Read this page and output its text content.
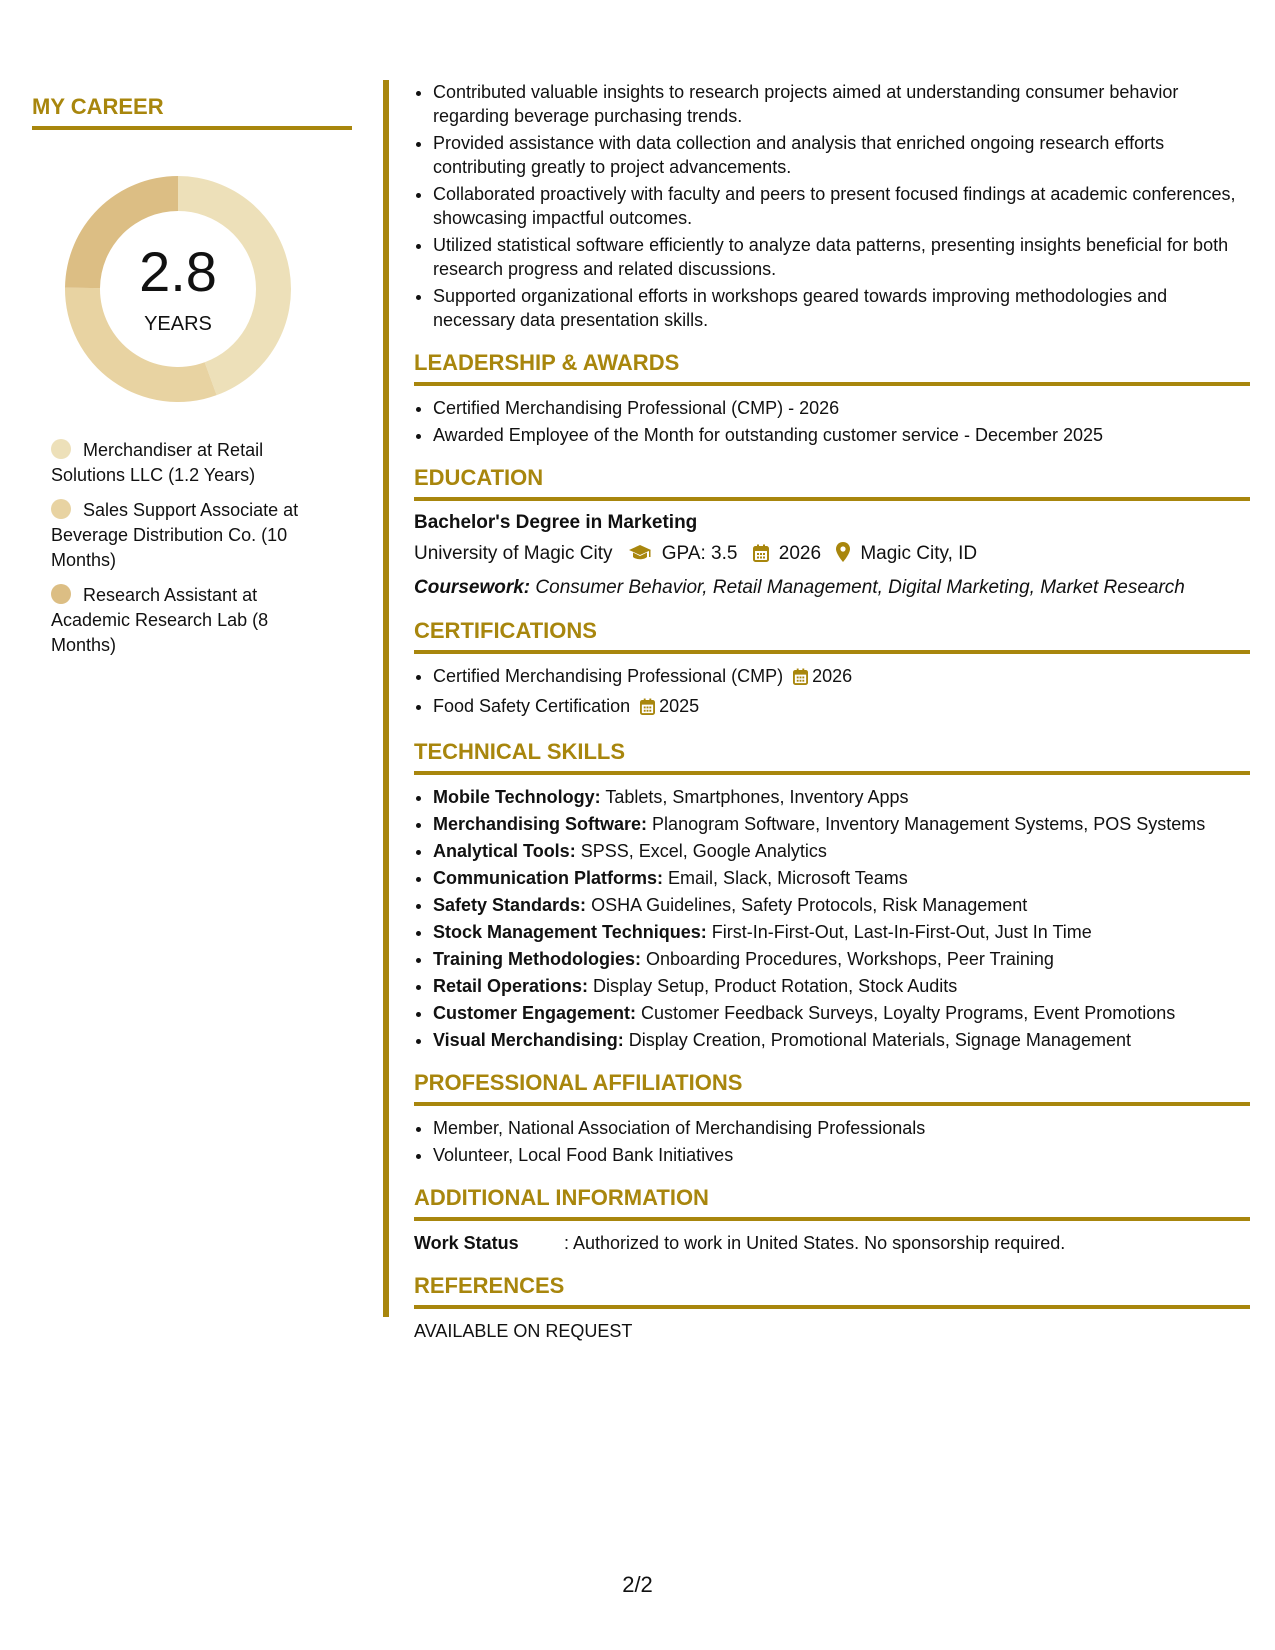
MY CAREER
2.8
YEARS
Merchandiser at Retail Solutions LLC (1.2 Years)
Sales Support Associate at Beverage Distribution Co. (10 Months)
Research Assistant at Academic Research Lab (8 Months)
• Contributed valuable insights to research projects aimed at understanding consumer behavior regarding beverage purchasing trends.
• Provided assistance with data collection and analysis that enriched ongoing research efforts contributing greatly to project advancements.
• Collaborated proactively with faculty and peers to present focused findings at academic conferences, showcasing impactful outcomes.
• Utilized statistical software efficiently to analyze data patterns, presenting insights beneficial for both research progress and related discussions.
• Supported organizational efforts in workshops geared towards improving methodologies and necessary data presentation skills.
LEADERSHIP & AWARDS
• Certified Merchandising Professional (CMP) - 2026
• Awarded Employee of the Month for outstanding customer service - December 2025
EDUCATION
Bachelor's Degree in Marketing
University of Magic City	GPA: 3.5 2026 Magic City, ID
Coursework: Consumer Behavior, Retail Management, Digital Marketing, Market Research
CERTIFICATIONS
• Certified Merchandising Professional (CMP) 2026
• Food Safety Certification 2025
TECHNICAL SKILLS
• Mobile Technology: Tablets, Smartphones, Inventory Apps
• Merchandising Software: Planogram Software, Inventory Management Systems, POS Systems
• Analytical Tools: SPSS, Excel, Google Analytics
• Communication Platforms: Email, Slack, Microsoft Teams
• Safety Standards: OSHA Guidelines, Safety Protocols, Risk Management
• Stock Management Techniques: First-In-First-Out, Last-In-First-Out, Just In Time
• Training Methodologies: Onboarding Procedures, Workshops, Peer Training
• Retail Operations: Display Setup, Product Rotation, Stock Audits
• Customer Engagement: Customer Feedback Surveys, Loyalty Programs, Event Promotions
• Visual Merchandising: Display Creation, Promotional Materials, Signage Management
PROFESSIONAL AFFILIATIONS
• Member, National Association of Merchandising Professionals
• Volunteer, Local Food Bank Initiatives
ADDITIONAL INFORMATION
Work Status	: Authorized to work in United States. No sponsorship required.
REFERENCES
AVAILABLE ON REQUEST
2/2
